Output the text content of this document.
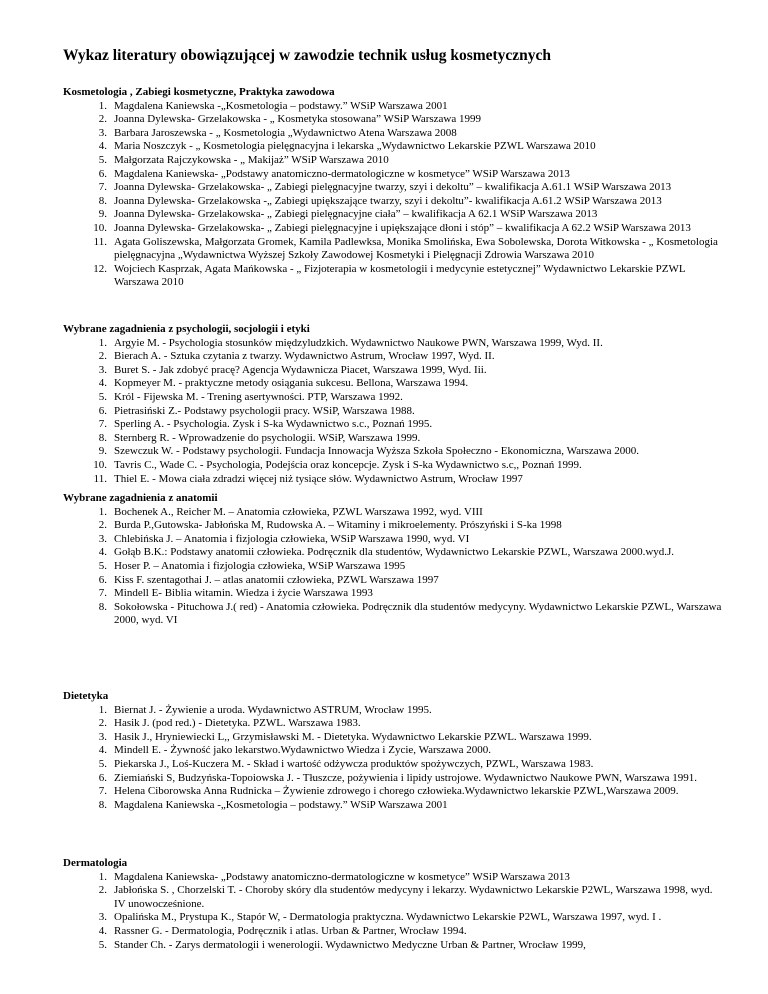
Wykaz literatury obowiązującej w zawodzie technik usług kosmetycznych
Kosmetologia , Zabiegi kosmetyczne, Praktyka zawodowa
1. Magdalena Kaniewska -„Kosmetologia – podstawy.” WSiP Warszawa 2001
2. Joanna Dylewska- Grzelakowska - „ Kosmetyka stosowana” WSiP Warszawa 1999
3. Barbara Jaroszewska - „ Kosmetologia „Wydawnictwo Atena Warszawa 2008
4. Maria Noszczyk - „ Kosmetologia pielęgnacyjna i lekarska „Wydawnictwo Lekarskie PZWL Warszawa 2010
5. Małgorzata Rajczykowska - „ Makijaż” WSiP Warszawa 2010
6. Magdalena Kaniewska- „Podstawy anatomiczno-dermatologiczne w kosmetyce” WSiP Warszawa 2013
7. Joanna Dylewska- Grzelakowska- „ Zabiegi pielęgnacyjne twarzy, szyi i dekoltu” – kwalifikacja A.61.1 WSiP Warszawa 2013
8. Joanna Dylewska- Grzelakowska -„ Zabiegi upiększające twarzy, szyi i dekoltu”- kwalifikacja A.61.2 WSiP Warszawa 2013
9. Joanna Dylewska- Grzelakowska- „ Zabiegi pielęgnacyjne ciała” – kwalifikacja A 62.1 WSiP Warszawa 2013
10. Joanna Dylewska- Grzelakowska- „ Zabiegi pielęgnacyjne i upiększające dłoni i stóp” – kwalifikacja A 62.2 WSiP Warszawa 2013
11. Agata Goliszewska, Małgorzata Gromek, Kamila Padlewksa, Monika Smolińska, Ewa Sobolewska, Dorota Witkowska - „ Kosmetologia pielęgnacyjna „Wydawnictwa Wyższej Szkoły Zawodowej Kosmetyki i Pielęgnacji Zdrowia Warszawa 2010
12. Wojciech Kasprzak, Agata Mańkowska - „ Fizjoterapia w kosmetologii i medycynie estetycznej” Wydawnictwo Lekarskie PZWL Warszawa 2010
Wybrane zagadnienia z psychologii, socjologii i etyki
1. Argyie M. - Psychologia stosunków międzyludzkich. Wydawnictwo Naukowe PWN, Warszawa 1999, Wyd. II.
2. Bierach A. - Sztuka czytania z twarzy. Wydawnictwo Astrum, Wrocław 1997, Wyd. II.
3. Buret S. - Jak zdobyć pracę? Agencja Wydawnicza Piacet, Warszawa 1999, Wyd. Iii.
4. Kopmeyer M. - praktyczne metody osiągania sukcesu. Bellona, Warszawa 1994.
5. Król - Fijewska M. - Trening asertywności. PTP, Warszawa 1992.
6. Pietrasiński Z.- Podstawy psychologii pracy. WSiP, Warszawa 1988.
7. Sperling A. - Psychologia. Zysk i S-ka Wydawnictwo s.c., Poznań 1995.
8. Sternberg R. - Wprowadzenie do psychologii. WSiP, Warszawa 1999.
9. Szewczuk W. - Podstawy psychologii. Fundacja Innowacja Wyższa Szkoła Społeczno - Ekonomiczna, Warszawa 2000.
10. Tavris C., Wade C. - Psychologia, Podejścia oraz koncepcje. Zysk i S-ka Wydawnictwo s.c,, Poznań 1999.
11. Thiel E. - Mowa ciała zdradzi więcej niż tysiące słów. Wydawnictwo Astrum, Wrocław 1997
Wybrane zagadnienia z anatomii
1. Bochenek A., Reicher M. – Anatomia człowieka, PZWL Warszawa 1992, wyd. VIII
2. Burda P.,Gutowska- Jabłońska M, Rudowska A. – Witaminy i mikroelementy. Prószyński i S-ka 1998
3. Chlebińska J. – Anatomia i fizjologia człowieka, WSiP Warszawa 1990, wyd. VI
4. Gołąb B.K.: Podstawy anatomii człowieka. Podręcznik dla studentów, Wydawnictwo Lekarskie PZWL, Warszawa 2000.wyd.J.
5. Hoser P. – Anatomia i fizjologia człowieka, WSiP Warszawa 1995
6. Kiss F. szentagothai J. – atlas anatomii człowieka, PZWL Warszawa 1997
7. Mindell E- Biblia witamin. Wiedza i życie Warszawa 1993
8. Sokołowska - Pituchowa J.( red) - Anatomia człowieka. Podręcznik dla studentów medycyny. Wydawnictwo Lekarskie PZWL, Warszawa 2000, wyd. VI
Dietetyka
1. Biernat J. - Żywienie a uroda. Wydawnictwo ASTRUM, Wrocław 1995.
2. Hasik J. (pod red.) - Dietetyka. PZWL. Warszawa 1983.
3. Hasik J., Hryniewiecki L,, Grzymisławski M. - Dietetyka. Wydawnictwo Lekarskie PZWL. Warszawa 1999.
4. Mindell E. - Żywność jako lekarstwo.Wydawnictwo Wiedza i Zycie, Warszawa 2000.
5. Piekarska J., Loś-Kuczera M. - Skład i wartość odżywcza produktów spożywczych, PZWL, Warszawa 1983.
6. Ziemiański S, Budzyńska-Topoiowska J. - Tłuszcze, pożywienia i lipidy ustrojowe. Wydawnictwo Naukowe PWN, Warszawa 1991.
7. Helena Ciborowska Anna Rudnicka – Żywienie zdrowego i chorego człowieka.Wydawnictwo lekarskie PZWL,Warszawa 2009.
8. Magdalena Kaniewska -„Kosmetologia – podstawy.” WSiP Warszawa 2001
Dermatologia
1. Magdalena Kaniewska- „Podstawy anatomiczno-dermatologiczne w kosmetyce” WSiP Warszawa 2013
2. Jabłońska S. , Chorzelski T. - Choroby skóry dla studentów medycyny i lekarzy. Wydawnictwo Lekarskie P2WL, Warszawa 1998, wyd. IV unowocześnione.
3. Opalińska M., Prystupa K., Stapór W, - Dermatologia praktyczna. Wydawnictwo Lekarskie P2WL, Warszawa 1997, wyd. I .
4. Rassner G. - Dermatologia, Podręcznik i atlas. Urban & Partner, Wrocław 1994.
5. Stander Ch. - Zarys dermatologii i wenerologii. Wydawnictwo Medyczne Urban & Partner, Wrocław 1999,
